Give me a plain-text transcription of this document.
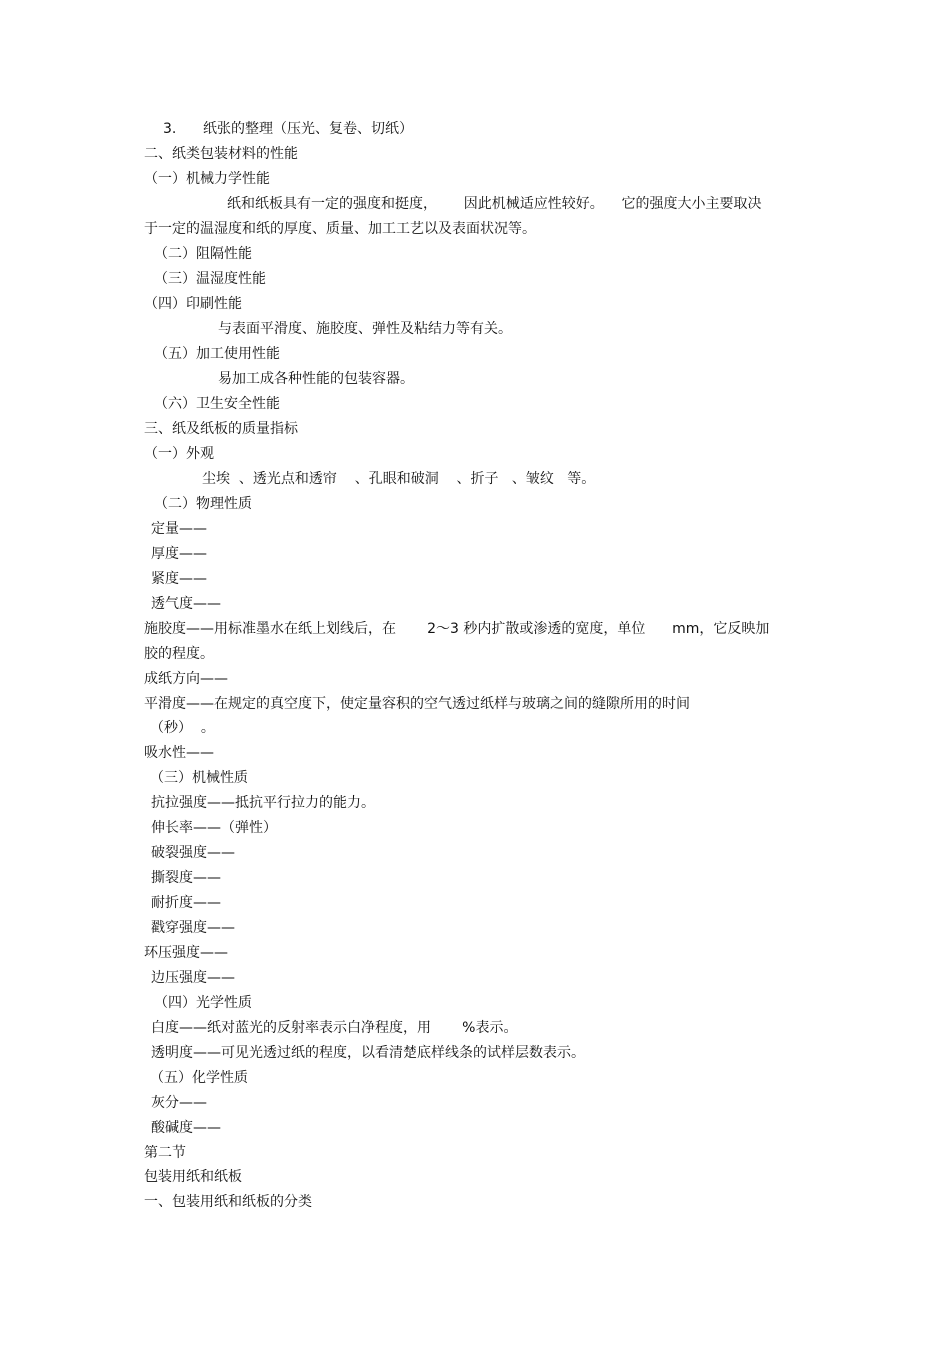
3.      纸张的整理（压光、复卷、切纸）
二、纸类包装材料的性能
（一）机械力学性能
纸和纸板具有一定的强度和挺度，      因此机械适应性较好。    它的强度大小主要取决
于一定的温湿度和纸的厚度、质量、加工工艺以及表面状况等。
（二）阻隔性能
（三）温湿度性能
（四）印刷性能
与表面平滑度、施胶度、弹性及粘结力等有关。
（五）加工使用性能
易加工成各种性能的包装容器。
（六）卫生安全性能
三、纸及纸板的质量指标
（一）外观
尘埃  、透光点和透帘    、孔眼和破洞    、折子   、皱纹   等。
（二）物理性质
定量——
厚度——
紧度——
透气度——
施胶度——用标准墨水在纸上划线后，在       2～3 秒内扩散或渗透的宽度，单位      mm，它反映加
胶的程度。
成纸方向——
平滑度——在规定的真空度下，使定量容积的空气透过纸样与玻璃之间的缝隙所用的时间
（秒）  。
吸水性——
（三）机械性质
抗拉强度——抵抗平行拉力的能力。
伸长率——（弹性）
破裂强度——
撕裂度——
耐折度——
戳穿强度——
环压强度——
边压强度——
（四）光学性质
白度——纸对蓝光的反射率表示白净程度，用       %表示。
透明度——可见光透过纸的程度，以看清楚底样线条的试样层数表示。
（五）化学性质
灰分——
酸碱度——
第二节
包装用纸和纸板
一、包装用纸和纸板的分类
